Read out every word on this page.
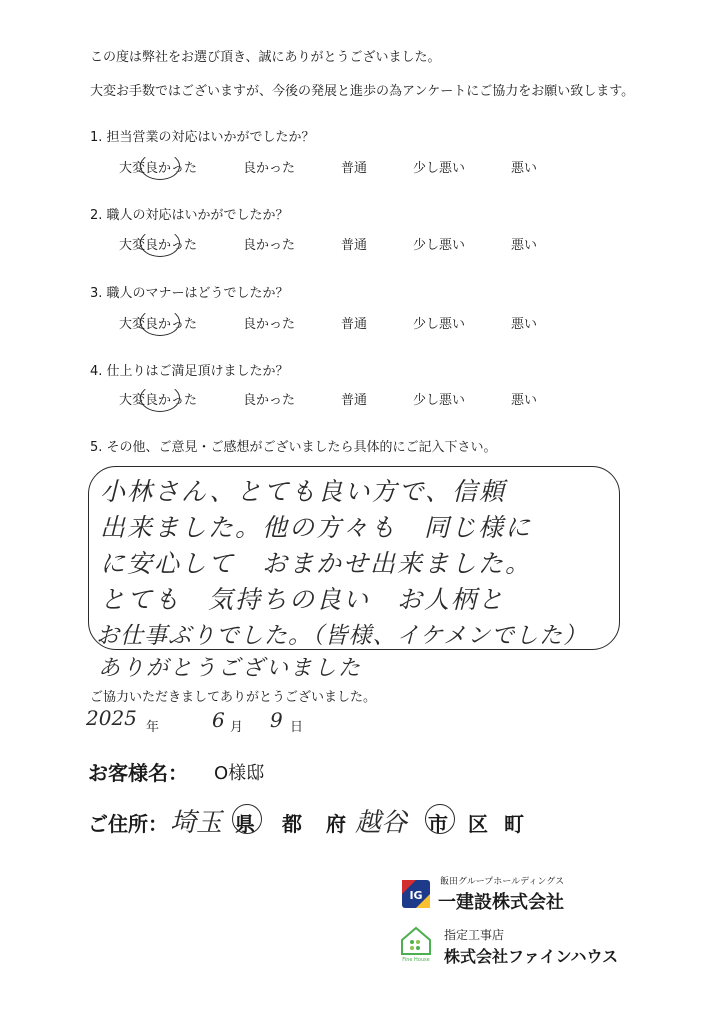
この度は弊社をお選び頂き、誠にありがとうございました。
大変お手数ではございますが、今後の発展と進歩の為アンケートにご協力をお願い致します。
1. 担当営業の対応はいかがでしたか？
大変良かった	良かった	普通	少し悪い	悪い
2. 職人の対応はいかがでしたか？
大変良かった	良かった	普通	少し悪い	悪い
3. 職人のマナーはどうでしたか？
大変良かった	良かった	普通	少し悪い	悪い
4. 仕上りはご満足頂けましたか？
大変良かった	良かった	普通	少し悪い	悪い
5. その他、ご意見・ご感想がございましたら具体的にご記入下さい。
小林さん、とても良い方で、信頼
出来ました。他の方々も　同じ様に
に安心して　おまかせ出来ました。
とても　気持ちの良い　お人柄と
お仕事ぶりでした。（皆様、イケメンでした）
ありがとうございました
ご協力いただきましてありがとうございました。
2025 年	6 月 9 日
お客様名： O様邸
ご住所： 埼玉 県 都 府 越谷 市 区 町
IG
飯田グループホールディングス
一建設株式会社
Fine House
指定工事店
株式会社ファインハウス
